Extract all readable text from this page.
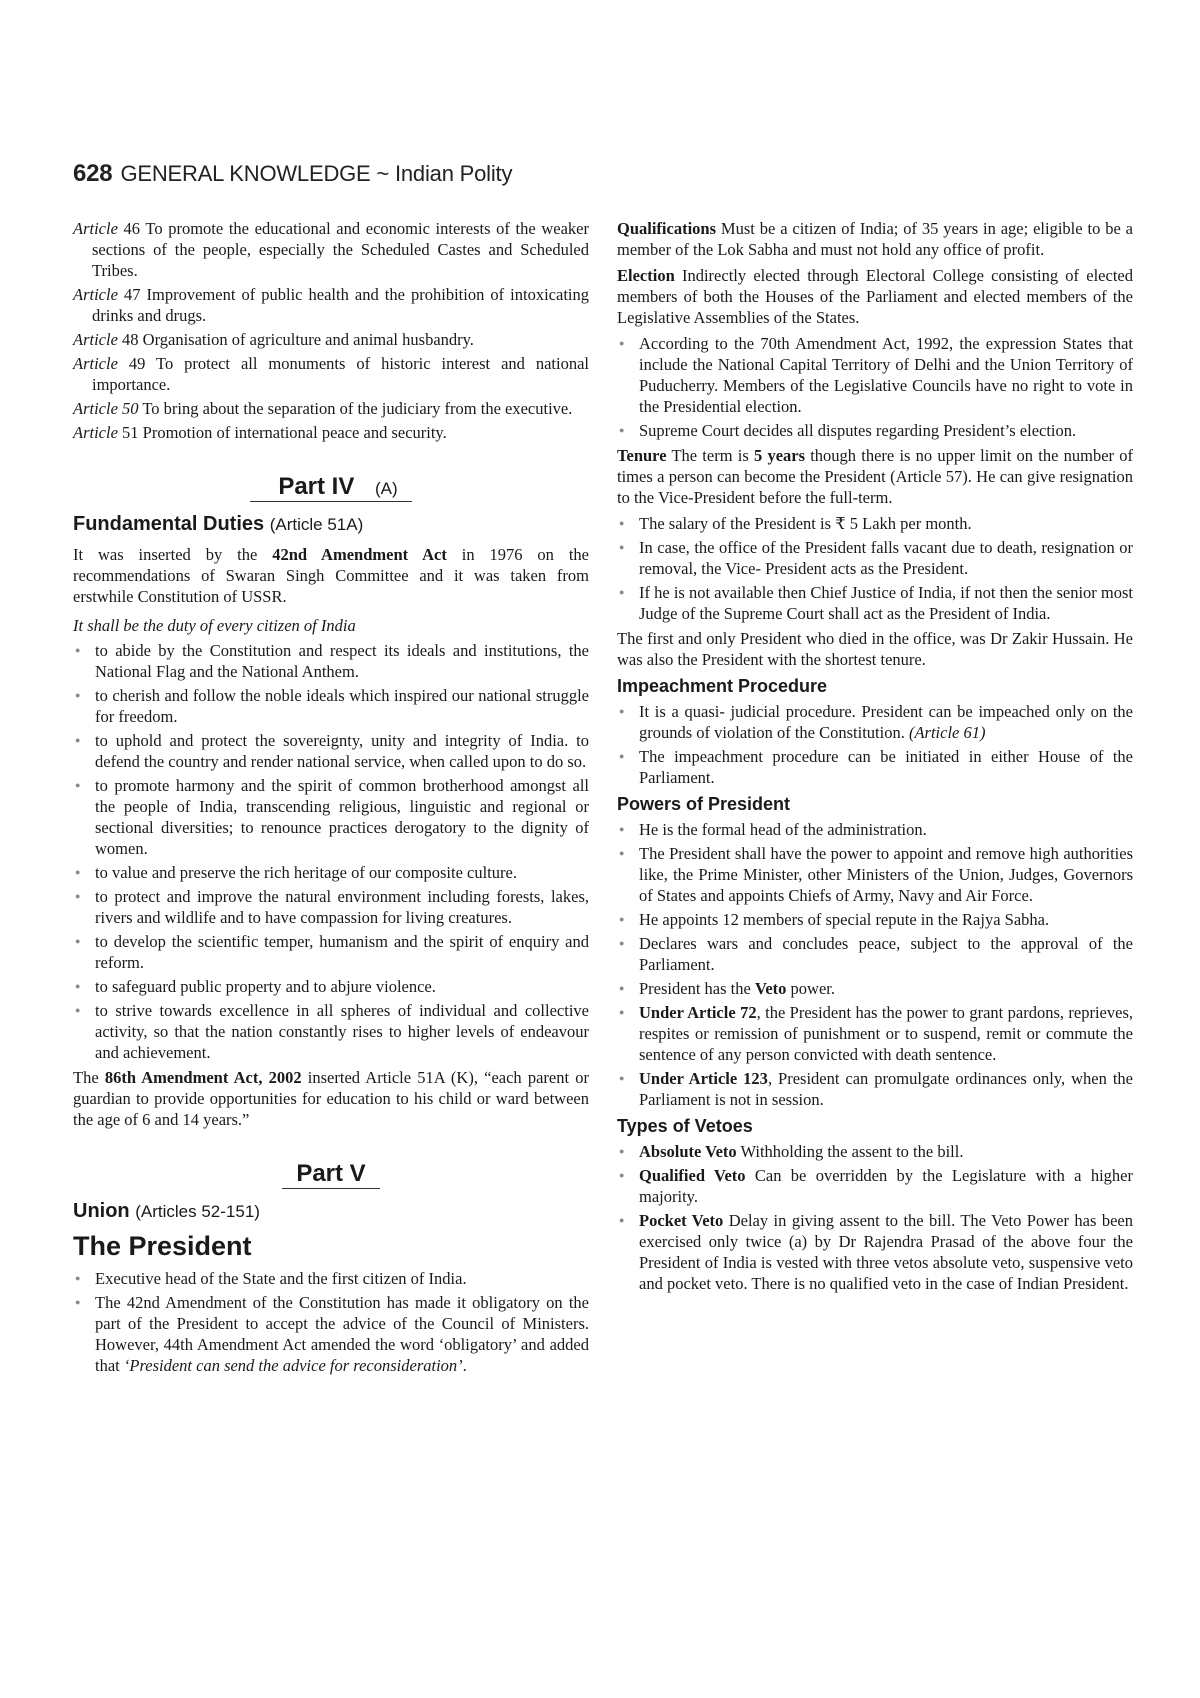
628 GENERAL KNOWLEDGE ~ Indian Polity

Article 46 To promote the educational and economic interests of the weaker sections of the people, especially the Scheduled Castes and Scheduled Tribes.

Article 47 Improvement of public health and the prohibition of intoxicating drinks and drugs.

Article 48 Organisation of agriculture and animal husbandry.

Article 49 To protect all monuments of historic interest and national importance.

Article 50 To bring about the separation of the judiciary from the executive.

Article 51 Promotion of international peace and security.

Part IV (A)
Fundamental Duties (Article 51A)

It was inserted by the 42nd Amendment Act in 1976 on the recommendations of Swaran Singh Committee and it was taken from erstwhile Constitution of USSR.

It shall be the duty of every citizen of India

● to abide by the Constitution and respect its ideals and institutions, the National Flag and the National Anthem.
● to cherish and follow the noble ideals which inspired our national struggle for freedom.
● to uphold and protect the sovereignty, unity and integrity of India. to defend the country and render national service, when called upon to do so.
● to promote harmony and the spirit of common brotherhood amongst all the people of India, transcending religious, linguistic and regional or sectional diversities; to renounce practices derogatory to the dignity of women.
● to value and preserve the rich heritage of our composite culture.
● to protect and improve the natural environment including forests, lakes, rivers and wildlife and to have compassion for living creatures.
● to develop the scientific temper, humanism and the spirit of enquiry and reform.
● to safeguard public property and to abjure violence.
● to strive towards excellence in all spheres of individual and collective activity, so that the nation constantly rises to higher levels of endeavour and achievement.

The 86th Amendment Act, 2002 inserted Article 51A (K), “each parent or guardian to provide opportunities for education to his child or ward between the age of 6 and 14 years.”

Part V
Union (Articles 52-151)
The President
● Executive head of the State and the first citizen of India.
● The 42nd Amendment of the Constitution has made it obligatory on the part of the President to accept the advice of the Council of Ministers. However, 44th Amendment Act amended the word ‘obligatory’ and added that ‘President can send the advice for reconsideration’.

Qualifications Must be a citizen of India; of 35 years in age; eligible to be a member of the Lok Sabha and must not hold any office of profit.

Election Indirectly elected through Electoral College consisting of elected members of both the Houses of the Parliament and elected members of the Legislative Assemblies of the States.

● According to the 70th Amendment Act, 1992, the expression States that include the National Capital Territory of Delhi and the Union Territory of Puducherry. Members of the Legislative Councils have no right to vote in the Presidential election.
● Supreme Court decides all disputes regarding President’s election.

Tenure The term is 5 years though there is no upper limit on the number of times a person can become the President (Article 57). He can give resignation to the Vice-President before the full-term.

● The salary of the President is ₹ 5 Lakh per month.
● In case, the office of the President falls vacant due to death, resignation or removal, the Vice- President acts as the President.
● If he is not available then Chief Justice of India, if not then the senior most Judge of the Supreme Court shall act as the President of India.

The first and only President who died in the office, was Dr Zakir Hussain. He was also the President with the shortest tenure.

Impeachment Procedure
● It is a quasi- judicial procedure. President can be impeached only on the grounds of violation of the Constitution. (Article 61)
● The impeachment procedure can be initiated in either House of the Parliament.
Powers of President
● He is the formal head of the administration.
● The President shall have the power to appoint and remove high authorities like, the Prime Minister, other Ministers of the Union, Judges, Governors of States and appoints Chiefs of Army, Navy and Air Force.
● He appoints 12 members of special repute in the Rajya Sabha.
● Declares wars and concludes peace, subject to the approval of the Parliament.
● President has the Veto power.
● Under Article 72, the President has the power to grant pardons, reprieves, respites or remission of punishment or to suspend, remit or commute the sentence of any person convicted with death sentence.
● Under Article 123, President can promulgate ordinances only, when the Parliament is not in session.
Types of Vetoes
● Absolute Veto Withholding the assent to the bill.
● Qualified Veto Can be overridden by the Legislature with a higher majority.
● Pocket Veto Delay in giving assent to the bill. The Veto Power has been exercised only twice (a) by Dr Rajendra Prasad of the above four the President of India is vested with three vetos absolute veto, suspensive veto and pocket veto. There is no qualified veto in the case of Indian President.
